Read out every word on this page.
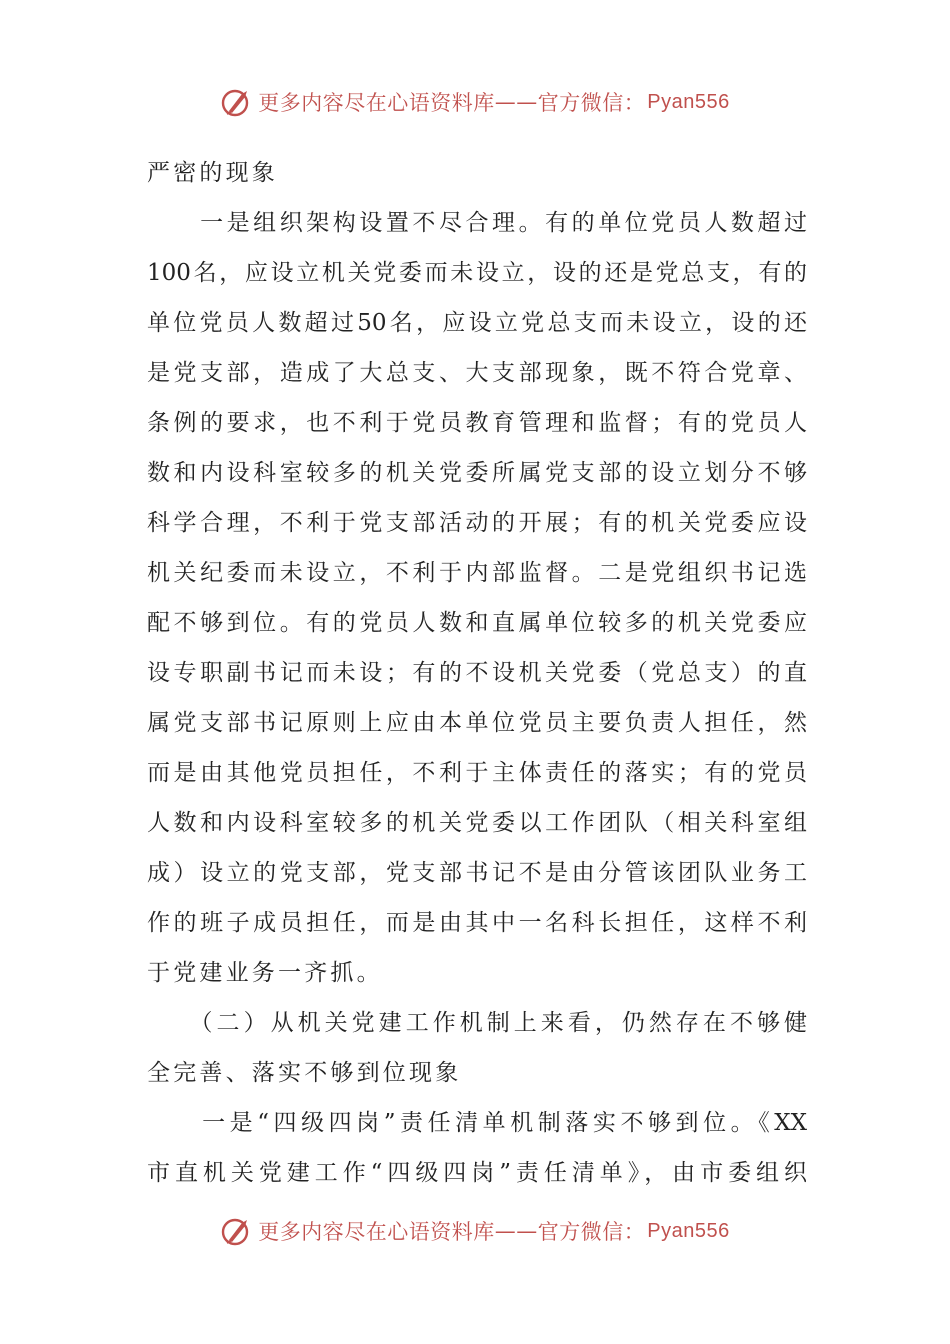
更多内容尽在心语资料库 —— 官方微信： Pyan556
严密的现象
　　一是组织架构设置不尽合理。有的单位党员人数超过
100名，应设立机关党委而未设立，设的还是党总支，有的
单位党员人数超过50名，应设立党总支而未设立，设的还
是党支部，造成了大总支、大支部现象，既不符合党章、
条例的要求，也不利于党员教育管理和监督；有的党员人
数和内设科室较多的机关党委所属党支部的设立划分不够
科学合理，不利于党支部活动的开展；有的机关党委应设
机关纪委而未设立，不利于内部监督。二是党组织书记选
配不够到位。有的党员人数和直属单位较多的机关党委应
设专职副书记而未设；有的不设机关党委（党总支）的直
属党支部书记原则上应由本单位党员主要负责人担任，然
而是由其他党员担任，不利于主体责任的落实；有的党员
人数和内设科室较多的机关党委以工作团队（相关科室组
成）设立的党支部，党支部书记不是由分管该团队业务工
作的班子成员担任，而是由其中一名科长担任，这样不利
于党建业务一齐抓。
　　（二）从机关党建工作机制上来看，仍然存在不够健
全完善、落实不够到位现象
　　一是“四级四岗”责任清单机制落实不够到位。《XX
市直机关党建工作“四级四岗”责任清单》，由市委组织
更多内容尽在心语资料库 —— 官方微信： Pyan556
